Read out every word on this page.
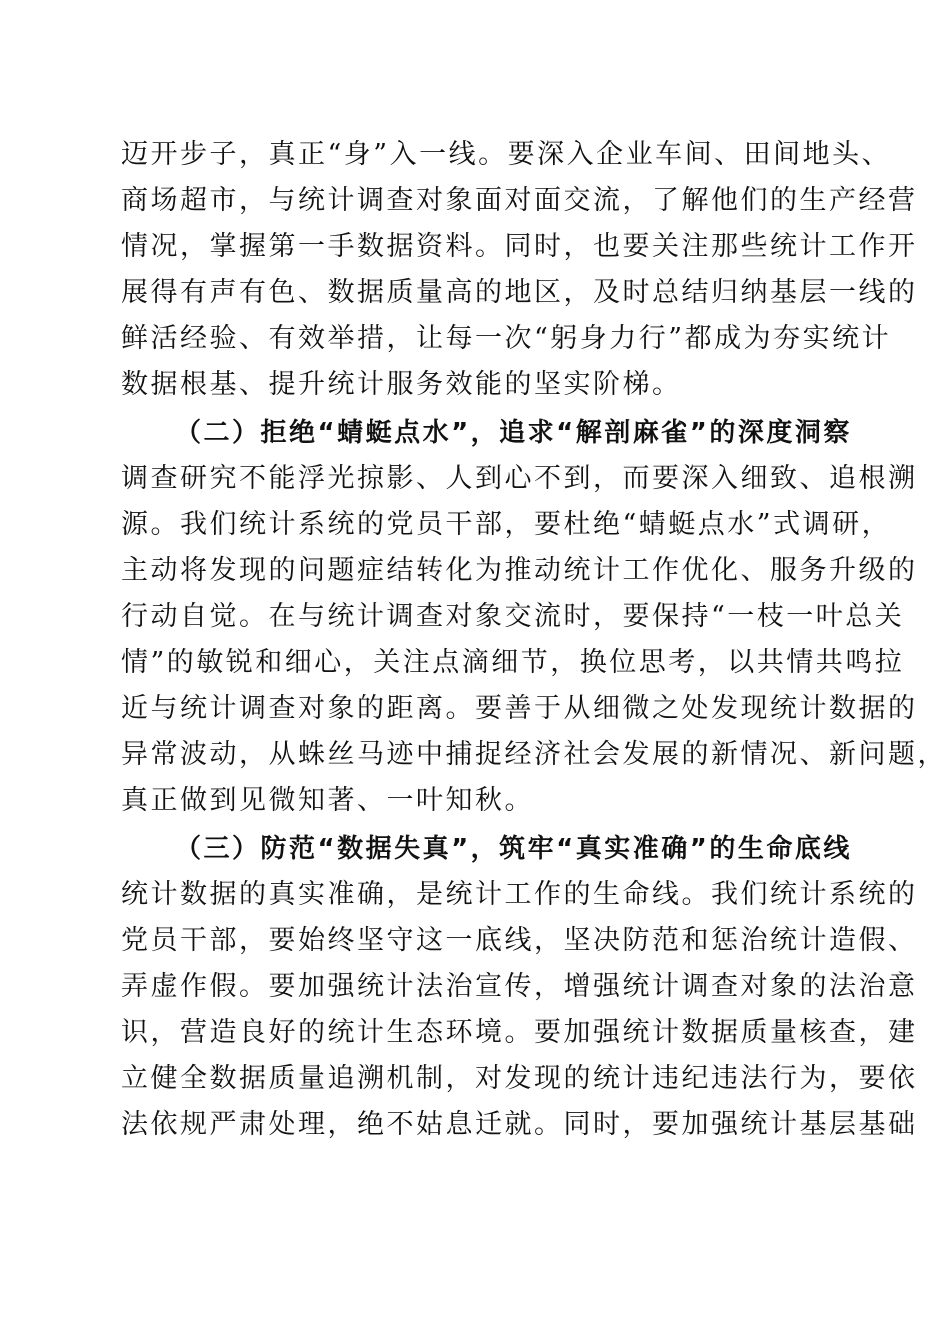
迈开步子，真正“身”入一线。要深入企业车间、田间地头、
商场超市，与统计调查对象面对面交流，了解他们的生产经营
情况，掌握第一手数据资料。同时，也要关注那些统计工作开
展得有声有色、数据质量高的地区，及时总结归纳基层一线的
鲜活经验、有效举措，让每一次“躬身力行”都成为夯实统计
数据根基、提升统计服务效能的坚实阶梯。
（二）拒绝“蜻蜓点水”，追求“解剖麻雀”的深度洞察
调查研究不能浮光掠影、人到心不到，而要深入细致、追根溯
源。我们统计系统的党员干部，要杜绝“蜻蜓点水”式调研，
主动将发现的问题症结转化为推动统计工作优化、服务升级的
行动自觉。在与统计调查对象交流时，要保持“一枝一叶总关
情”的敏锐和细心，关注点滴细节，换位思考，以共情共鸣拉
近与统计调查对象的距离。要善于从细微之处发现统计数据的
异常波动，从蛛丝马迹中捕捉经济社会发展的新情况、新问题，
真正做到见微知著、一叶知秋。
（三）防范“数据失真”，筑牢“真实准确”的生命底线
统计数据的真实准确，是统计工作的生命线。我们统计系统的
党员干部，要始终坚守这一底线，坚决防范和惩治统计造假、
弄虚作假。要加强统计法治宣传，增强统计调查对象的法治意
识，营造良好的统计生态环境。要加强统计数据质量核查，建
立健全数据质量追溯机制，对发现的统计违纪违法行为，要依
法依规严肃处理，绝不姑息迁就。同时，要加强统计基层基础
